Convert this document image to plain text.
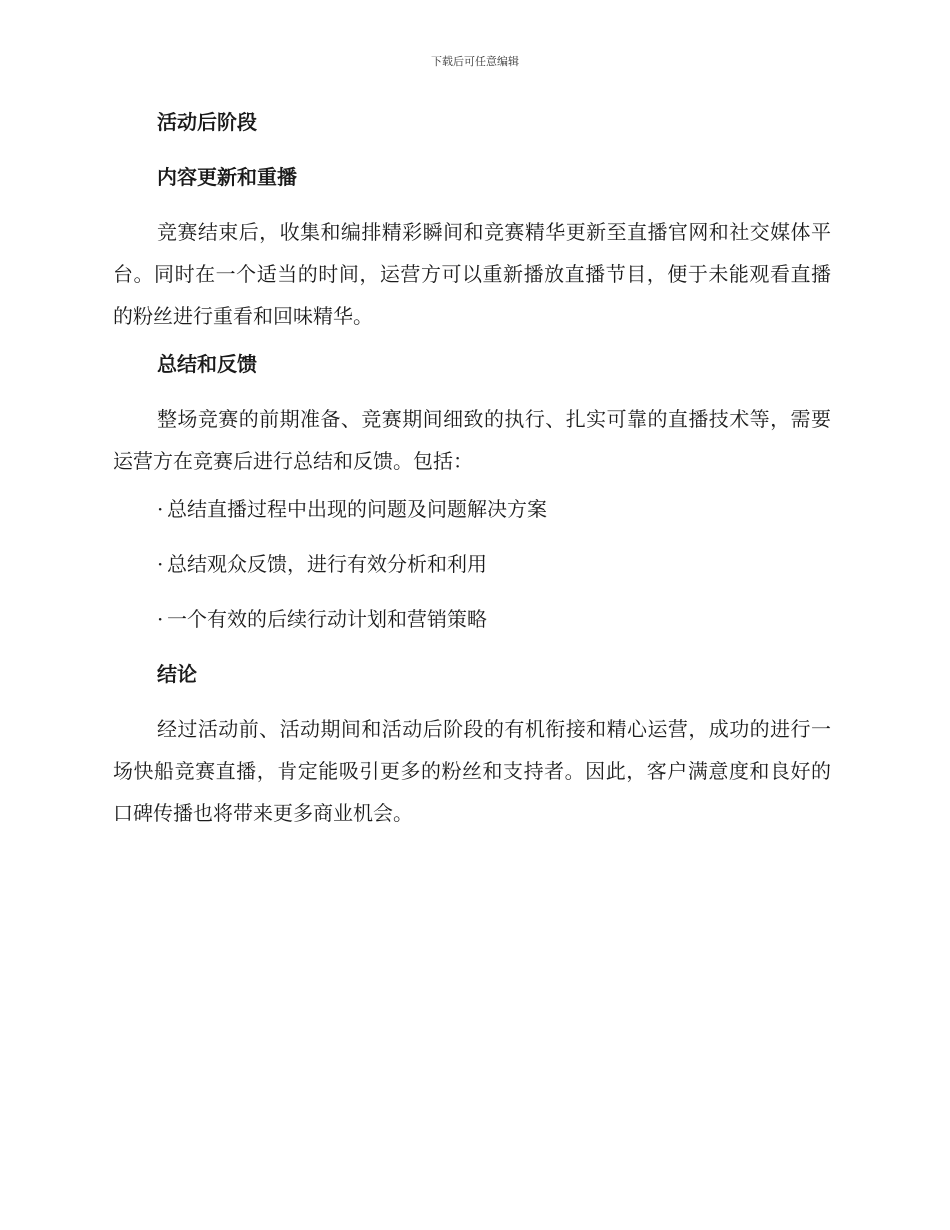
下载后可任意编辑
活动后阶段
内容更新和重播

竞赛结束后，收集和编排精彩瞬间和竞赛精华更新至直播官网和社交媒体平台。同时在一个适当的时间，运营方可以重新播放直播节目，便于未能观看直播的粉丝进行重看和回味精华。

总结和反馈

整场竞赛的前期准备、竞赛期间细致的执行、扎实可靠的直播技术等，需要运营方在竞赛后进行总结和反馈。包括：

· 总结直播过程中出现的问题及问题解决方案
· 总结观众反馈，进行有效分析和利用
· 一个有效的后续行动计划和营销策略
结论

经过活动前、活动期间和活动后阶段的有机衔接和精心运营，成功的进行一场快船竞赛直播，肯定能吸引更多的粉丝和支持者。因此，客户满意度和良好的口碑传播也将带来更多商业机会。
